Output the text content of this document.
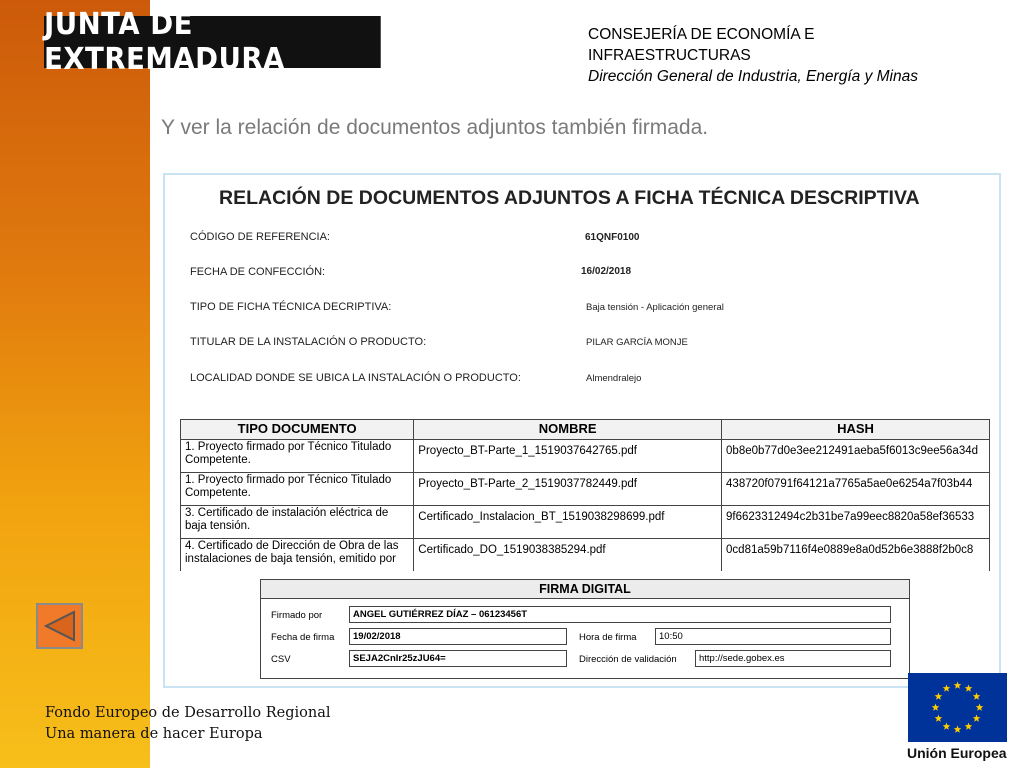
JUNTA DE EXTREMADURA
CONSEJERÍA DE ECONOMÍA E
INFRAESTRUCTURAS
Dirección General de Industria, Energía y Minas
Y ver la relación de documentos adjuntos también firmada.
RELACIÓN DE DOCUMENTOS ADJUNTOS A FICHA TÉCNICA DESCRIPTIVA
CÓDIGO DE REFERENCIA:	61QNF0100
FECHA DE CONFECCIÓN:	16/02/2018
TIPO DE FICHA TÉCNICA DECRIPTIVA:	Baja tensión - Aplicación general
TITULAR DE LA INSTALACIÓN O PRODUCTO:	PILAR GARCÍA MONJE
LOCALIDAD DONDE SE UBICA LA INSTALACIÓN O PRODUCTO:	Almendralejo
TIPO DOCUMENTO	NOMBRE	HASH
1. Proyecto firmado por Técnico Titulado Competente.	Proyecto_BT-Parte_1_1519037642765.pdf	0b8e0b77d0e3ee212491aeba5f6013c9ee56a34d
1. Proyecto firmado por Técnico Titulado Competente.	Proyecto_BT-Parte_2_1519037782449.pdf	438720f0791f64121a7765a5ae0e6254a7f03b44
3. Certificado de instalación eléctrica de baja tensión.	Certificado_Instalacion_BT_1519038298699.pdf	9f6623312494c2b31be7a99eec8820a58ef36533
4. Certificado de Dirección de Obra de las instalaciones de baja tensión, emitido por	Certificado_DO_1519038385294.pdf	0cd81a59b7116f4e0889e8a0d52b6e3888f2b0c8
FIRMA DIGITAL
Firmado por	ANGEL GUTIÉRREZ DÍAZ – 06123456T
Fecha de firma	19/02/2018	Hora de firma	10:50
CSV	SEJA2CnIr25zJU64=	Dirección de validación	http://sede.gobex.es
Fondo Europeo de Desarrollo Regional
Una manera de hacer Europa
Unión Europea
